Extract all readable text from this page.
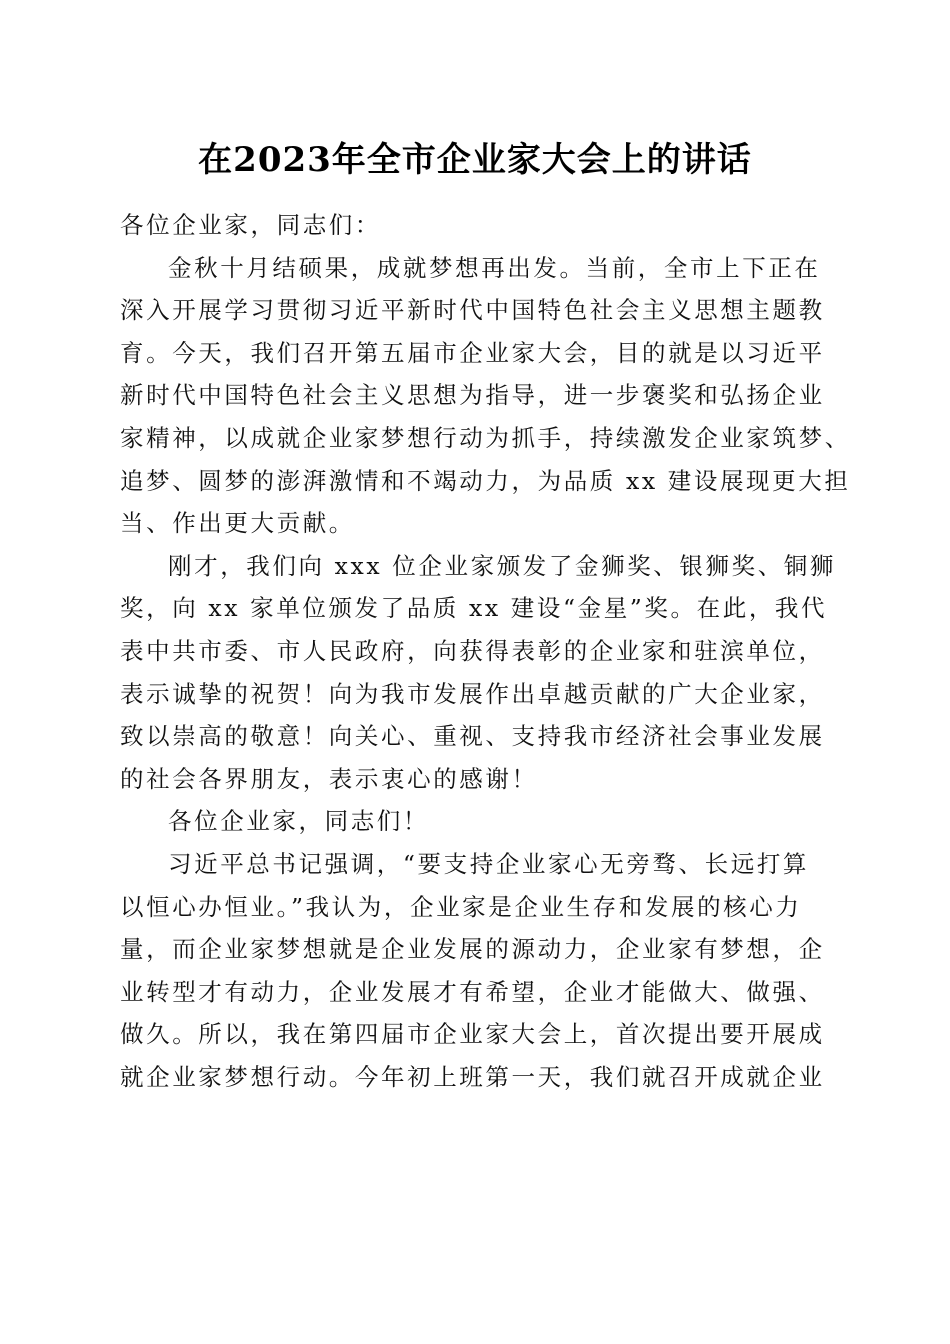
在2023年全市企业家大会上的讲话
各位企业家，同志们：
金秋十月结硕果，成就梦想再出发。当前，全市上下正在
深入开展学习贯彻习近平新时代中国特色社会主义思想主题教
育。今天，我们召开第五届市企业家大会，目的就是以习近平
新时代中国特色社会主义思想为指导，进一步褒奖和弘扬企业
家精神，以成就企业家梦想行动为抓手，持续激发企业家筑梦、
追梦、圆梦的澎湃激情和不竭动力，为品质 xx 建设展现更大担
当、作出更大贡献。
刚才，我们向 xxx 位企业家颁发了金狮奖、银狮奖、铜狮
奖，向 xx 家单位颁发了品质 xx 建设“金星”奖。在此，我代
表中共市委、市人民政府，向获得表彰的企业家和驻滨单位，
表示诚挚的祝贺！向为我市发展作出卓越贡献的广大企业家，
致以崇高的敬意！向关心、重视、支持我市经济社会事业发展
的社会各界朋友，表示衷心的感谢！
各位企业家，同志们！
习近平总书记强调，“要支持企业家心无旁骛、长远打算
以恒心办恒业。”我认为，企业家是企业生存和发展的核心力
量，而企业家梦想就是企业发展的源动力，企业家有梦想，企
业转型才有动力，企业发展才有希望，企业才能做大、做强、
做久。所以，我在第四届市企业家大会上，首次提出要开展成
就企业家梦想行动。今年初上班第一天，我们就召开成就企业
